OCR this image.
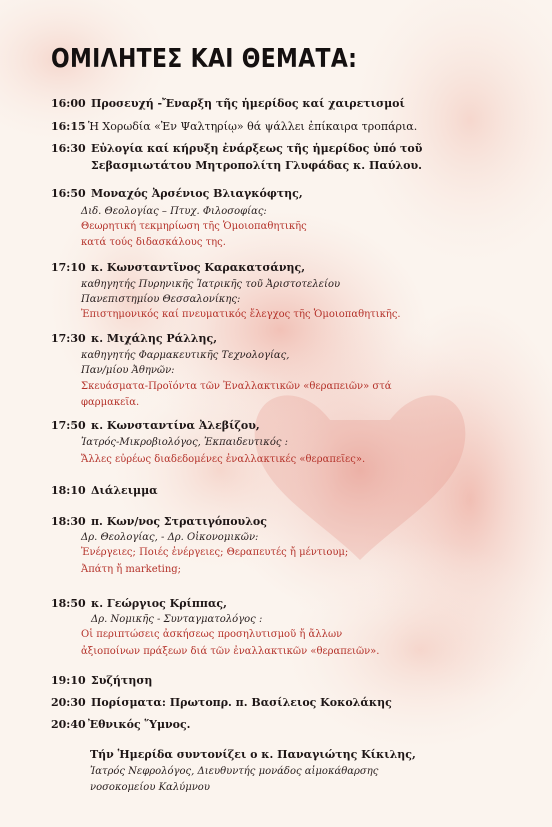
ΟΜΙΛΗΤΕΣ ΚΑΙ ΘΕΜΑΤΑ:
16:00 Προσευχή -Ἔναρξη τῆς ἡμερίδος καί χαιρετισμοί
16:15 Ἡ Χορωδία «Ἐν Ψαλτηρίῳ» θά ψάλλει ἐπίκαιρα τροπάρια.
16:30 Εὐλογία καί κήρυξη ἐνάρξεως τῆς ἡμερίδος ὑπό τοῦ
Σεβασμιωτάτου Μητροπολίτη Γλυφάδας κ. Παύλου.
16:50 Μοναχός Ἀρσένιος Βλιαγκόφτης,
Διδ. Θεολογίας – Πτυχ. Φιλοσοφίας:
Θεωρητική τεκμηρίωση τῆς Ὁμοιοπαθητικῆς
κατά τούς διδασκάλους της.
17:10 κ. Κωνσταντῖνος Καρακατσάνης,
καθηγητής Πυρηνικῆς Ἰατρικῆς τοῦ Ἀριστοτελείου
Πανεπιστημίου Θεσσαλονίκης:
Ἐπιστημονικός καί πνευματικός ἔλεγχος τῆς Ὁμοιοπαθητικῆς.
17:30 κ. Μιχάλης Ράλλης,
καθηγητής Φαρμακευτικῆς Τεχνολογίας,
Παν/μίου Ἀθηνῶν:
Σκευάσματα-Προϊόντα τῶν Ἐναλλακτικῶν «θεραπειῶν» στά
φαρμακεῖα.
17:50 κ. Κωνσταντίνα Ἀλεβίζου,
Ἰατρός-Μικροβιολόγος, Ἐκπαιδευτικός :
Ἄλλες εὐρέως διαδεδομένες ἐναλλακτικές «θεραπεῖες».
18:10 Διάλειμμα
18:30 π. Κων/νος Στρατιγόπουλος
Δρ. Θεολογίας, - Δρ. Οἰκονομικῶν:
Ἐνέργειες; Ποιές ἐνέργειες; Θεραπευτές ἤ μέντιουμ;
Ἀπάτη ἤ marketing;
18:50 κ. Γεώργιος Κρίππας,
Δρ. Νομικῆς - Συνταγματολόγος :
Οἱ περιπτώσεις ἀσκήσεως προσηλυτισμοῦ ἤ ἄλλων
ἀξιοποίνων πράξεων διά τῶν ἐναλλακτικῶν «θεραπειῶν».
19:10 Συζήτηση
20:30 Πορίσματα: Πρωτοπρ. π. Βασίλειος Κοκολάκης
20:40 Ἐθνικός Ὕμνος.
Τήν Ἡμερίδα συντονίζει ο κ. Παναγιώτης Κίκιλης,
Ἰατρός Νεφρολόγος, Διευθυντής μονάδος αἱμοκάθαρσης
νοσοκομείου Καλύμνου
